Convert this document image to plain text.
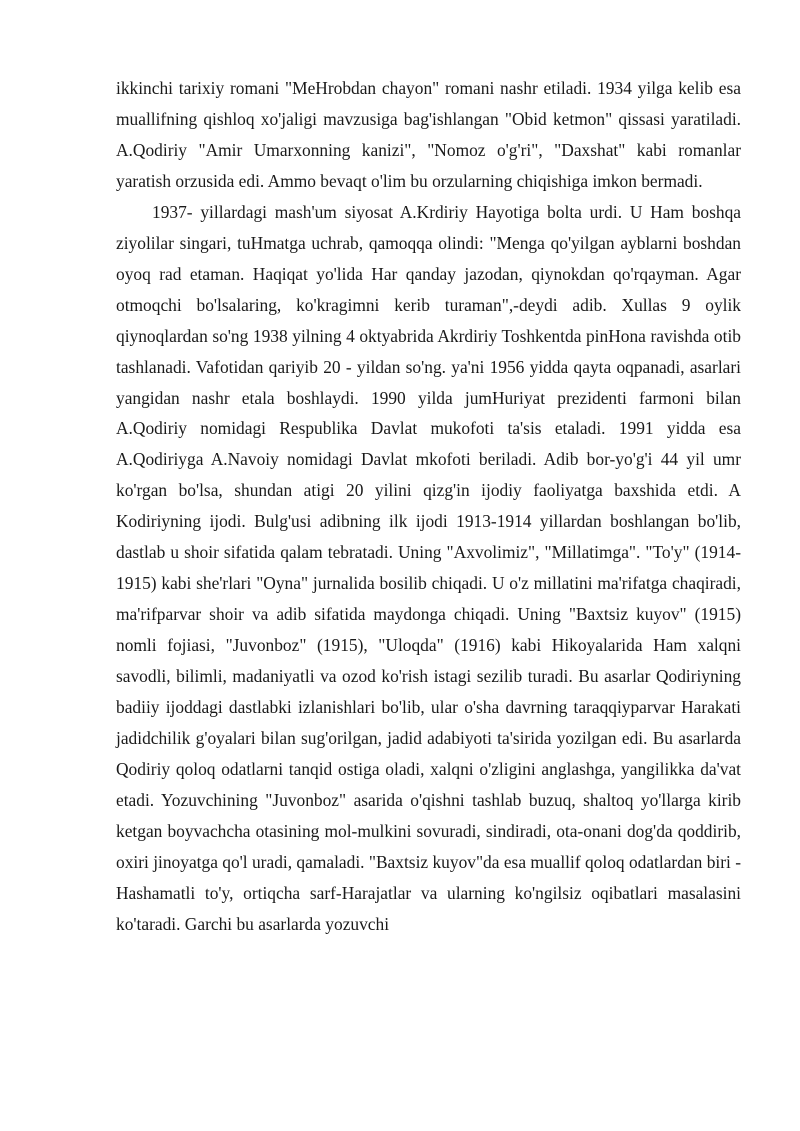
ikkinchi tarixiy romani "MeHrobdan chayon" romani nashr etiladi. 1934 yilga kelib esa muallifning qishloq xo'jaligi mavzusiga bag'ishlangan "Obid ketmon" qissasi yaratiladi. A.Qodiriy "Amir Umarxonning kanizi", "Nomoz o'g'ri", "Daxshat" kabi romanlar yaratish orzusida edi. Ammo bevaqt o'lim bu orzularning chiqishiga imkon bermadi.

1937- yillardagi mash'um siyosat A.Krdiriy Hayotiga bolta urdi. U Ham boshqa ziyolilar singari, tuHmatga uchrab, qamoqqa olindi: "Menga qo'yilgan ayblarni boshdan oyoq rad etaman. Haqiqat yo'lida Har qanday jazodan, qiynokdan qo'rqayman. Agar otmoqchi bo'lsalaring, ko'kragimni kerib turaman",-deydi adib. Xullas 9 oylik qiynoqlardan so'ng 1938 yilning 4 oktyabrida Akrdiriy Toshkentda pinHona ravishda otib tashlanadi. Vafotidan qariyib 20 - yildan so'ng. ya'ni 1956 yidda qayta oqpanadi, asarlari yangidan nashr etala boshlaydi. 1990 yilda jumHuriyat prezidenti farmoni bilan A.Qodiriy nomidagi Respublika Davlat mukofoti ta'sis etaladi. 1991 yidda esa A.Qodiriyga A.Navoiy nomidagi Davlat mkofoti beriladi. Adib bor-yo'g'i 44 yil umr ko'rgan bo'lsa, shundan atigi 20 yilini qizg'in ijodiy faoliyatga baxshida etdi. A Kodiriyning ijodi. Bulg'usi adibning ilk ijodi 1913-1914 yillardan boshlangan bo'lib, dastlab u shoir sifatida qalam tebratadi. Uning "Axvolimiz", "Millatimga". "To'y" (1914-1915) kabi she'rlari "Oyna" jurnalida bosilib chiqadi. U o'z millatini ma'rifatga chaqiradi, ma'rifparvar shoir va adib sifatida maydonga chiqadi. Uning "Baxtsiz kuyov" (1915) nomli fojiasi, "Juvonboz" (1915), "Uloqda" (1916) kabi Hikoyalarida Ham xalqni savodli, bilimli, madaniyatli va ozod ko'rish istagi sezilib turadi. Bu asarlar Qodiriyning badiiy ijoddagi dastlabki izlanishlari bo'lib, ular o'sha davrning taraqqiyparvar Harakati jadidchilik g'oyalari bilan sug'orilgan, jadid adabiyoti ta'sirida yozilgan edi. Bu asarlarda Qodiriy qoloq odatlarni tanqid ostiga oladi, xalqni o'zligini anglashga, yangilikka da'vat etadi. Yozuvchining "Juvonboz" asarida o'qishni tashlab buzuq, shaltoq yo'llarga kirib ketgan boyvachcha otasining mol-mulkini sovuradi, sindiradi, ota-onani dog'da qoddirib, oxiri jinoyatga qo'l uradi, qamaladi. "Baxtsiz kuyov"da esa muallif qoloq odatlardan biri -Hashamatli to'y, ortiqcha sarf-Harajatlar va ularning ko'ngilsiz oqibatlari masalasini ko'taradi. Garchi bu asarlarda yozuvchi
